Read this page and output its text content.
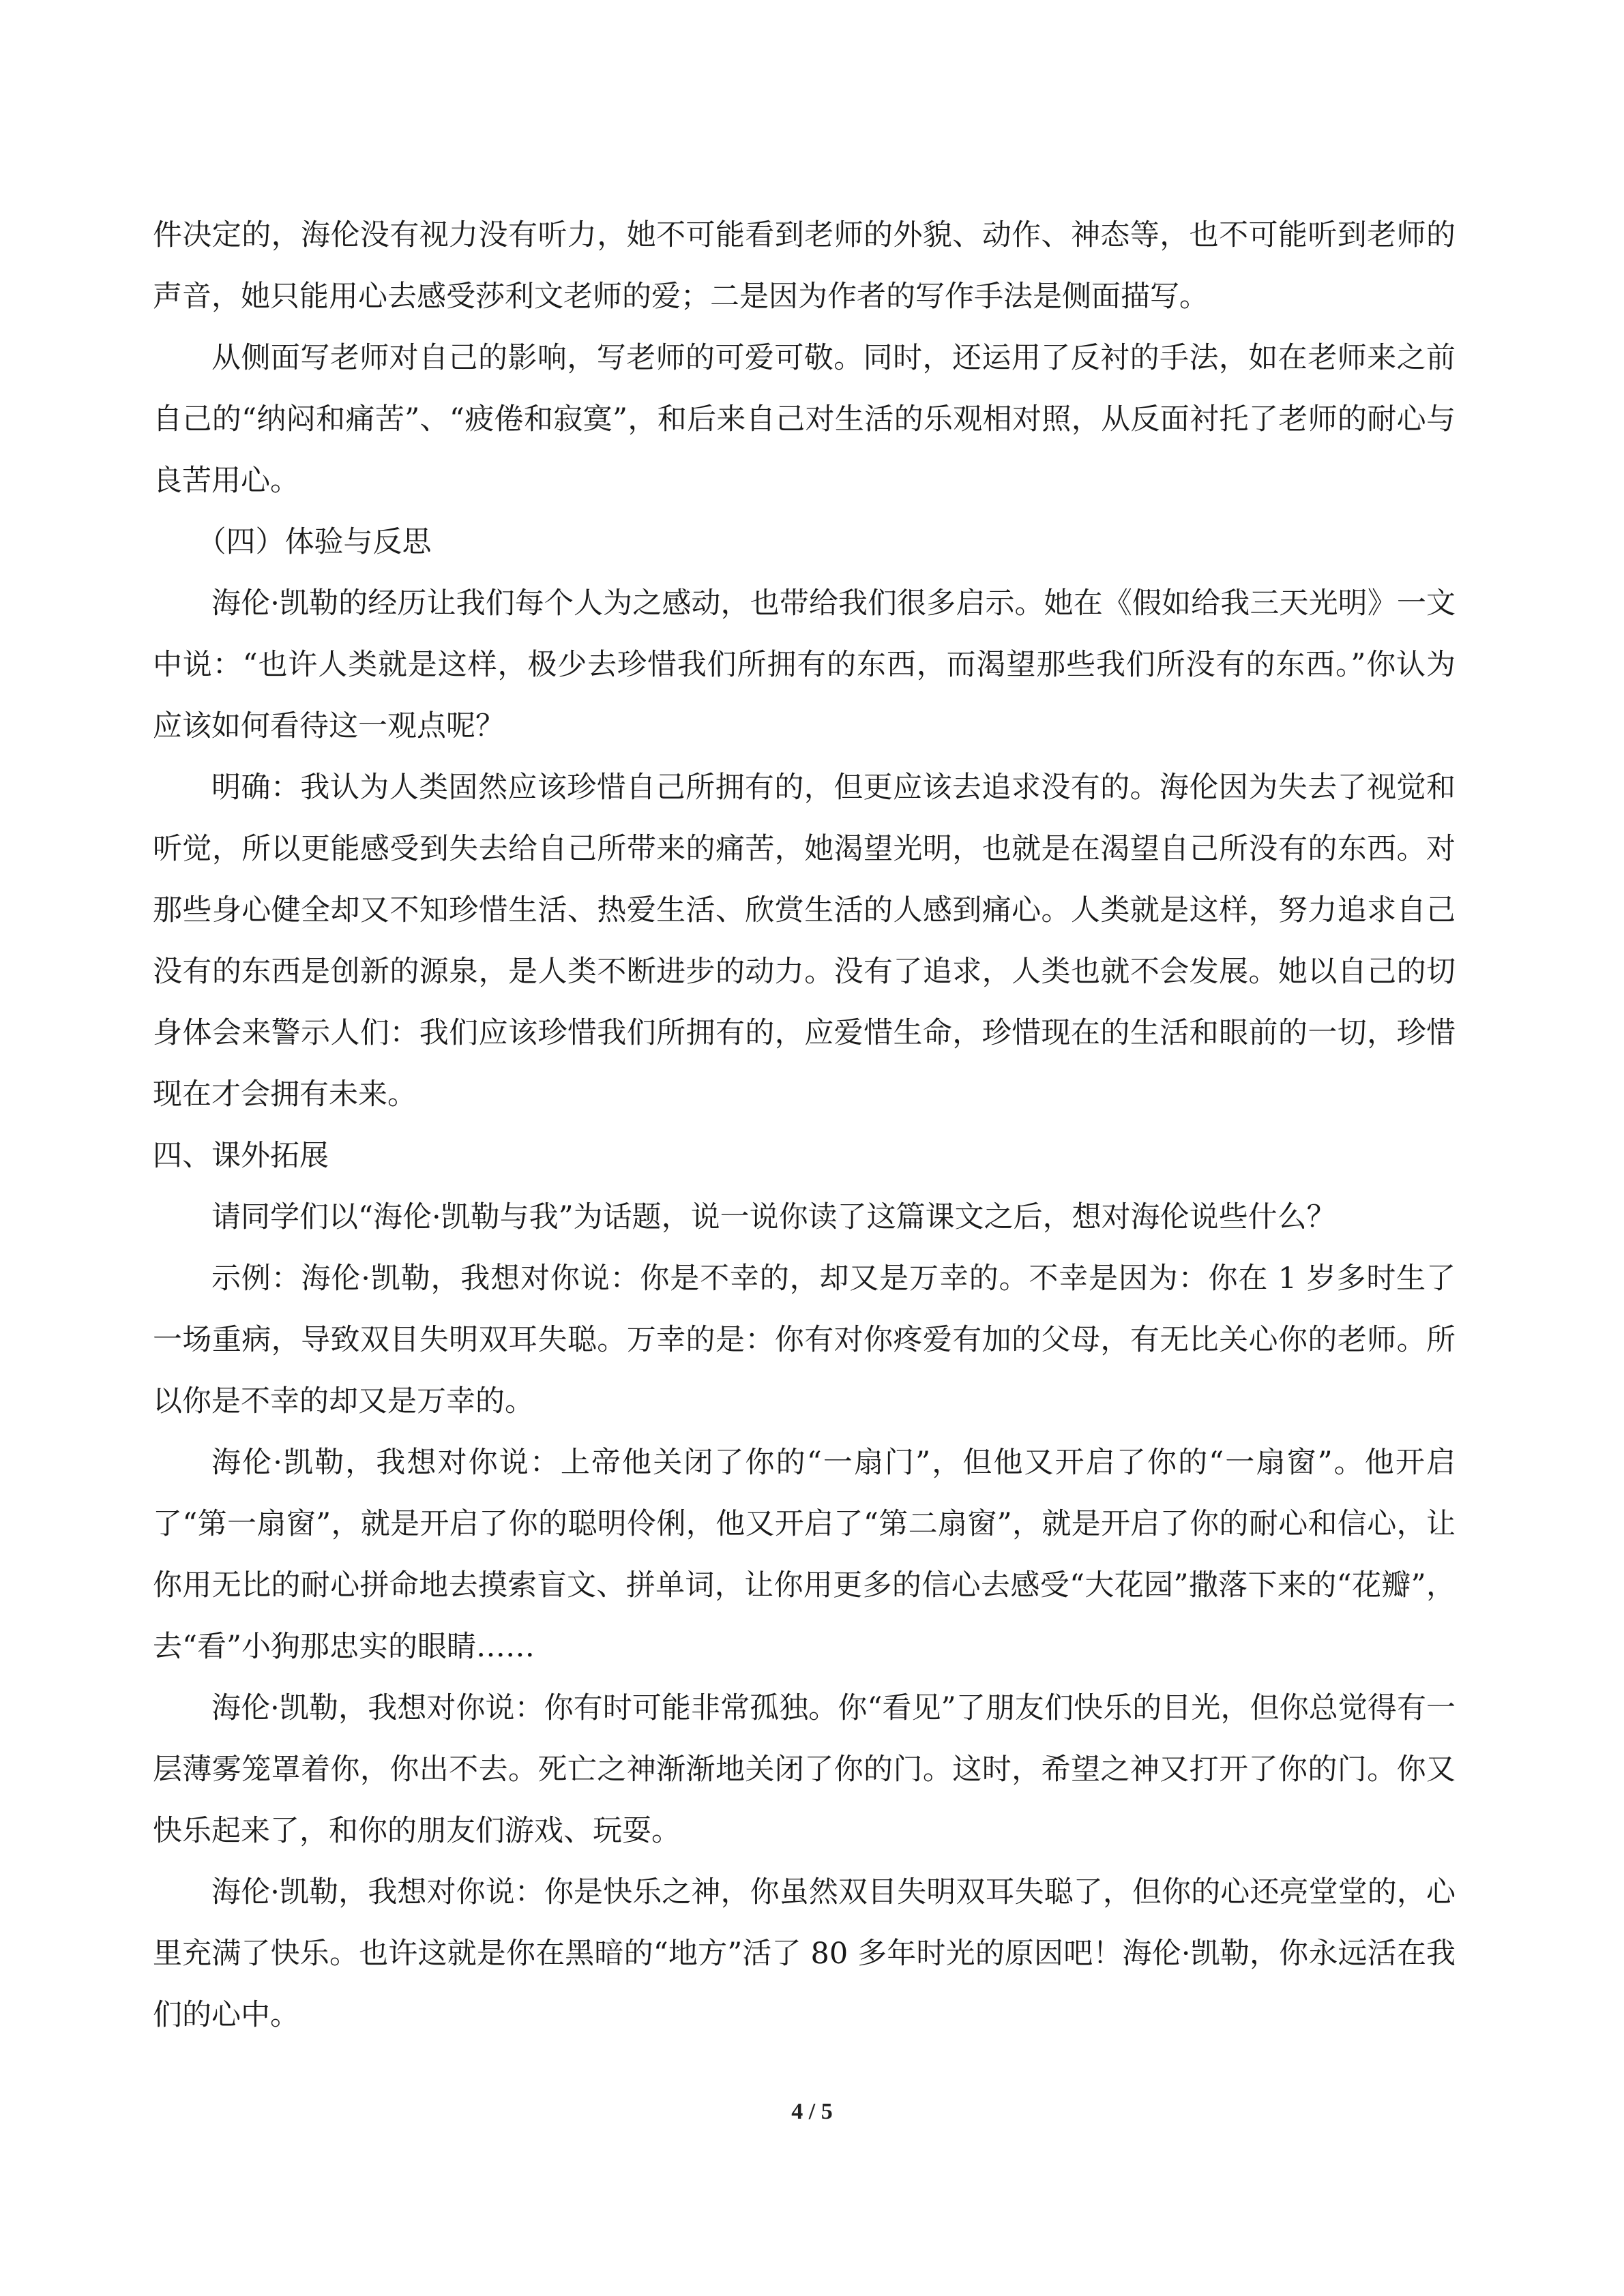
件决定的，海伦没有视力没有听力，她不可能看到老师的外貌、动作、神态等，也不可能听到老师的声音，她只能用心去感受莎利文老师的爱；二是因为作者的写作手法是侧面描写。

从侧面写老师对自己的影响，写老师的可爱可敬。同时，还运用了反衬的手法，如在老师来之前自己的“纳闷和痛苦”、“疲倦和寂寞”，和后来自己对生活的乐观相对照，从反面衬托了老师的耐心与良苦用心。

（四）体验与反思

海伦·凯勒的经历让我们每个人为之感动，也带给我们很多启示。她在《假如给我三天光明》一文中说：“也许人类就是这样，极少去珍惜我们所拥有的东西，而渴望那些我们所没有的东西。”你认为应该如何看待这一观点呢？

明确：我认为人类固然应该珍惜自己所拥有的，但更应该去追求没有的。海伦因为失去了视觉和听觉，所以更能感受到失去给自己所带来的痛苦，她渴望光明，也就是在渴望自己所没有的东西。对那些身心健全却又不知珍惜生活、热爱生活、欣赏生活的人感到痛心。人类就是这样，努力追求自己没有的东西是创新的源泉，是人类不断进步的动力。没有了追求，人类也就不会发展。她以自己的切身体会来警示人们：我们应该珍惜我们所拥有的，应爱惜生命，珍惜现在的生活和眼前的一切，珍惜现在才会拥有未来。

四、课外拓展

请同学们以“海伦·凯勒与我”为话题，说一说你读了这篇课文之后，想对海伦说些什么？

示例：海伦·凯勒，我想对你说：你是不幸的，却又是万幸的。不幸是因为：你在 1 岁多时生了一场重病，导致双目失明双耳失聪。万幸的是：你有对你疼爱有加的父母，有无比关心你的老师。所以你是不幸的却又是万幸的。

海伦·凯勒，我想对你说：上帝他关闭了你的“一扇门”，但他又开启了你的“一扇窗”。他开启了“第一扇窗”，就是开启了你的聪明伶俐，他又开启了“第二扇窗”，就是开启了你的耐心和信心，让你用无比的耐心拼命地去摸索盲文、拼单词，让你用更多的信心去感受“大花园”撒落下来的“花瓣”，去“看”小狗那忠实的眼睛……

海伦·凯勒，我想对你说：你有时可能非常孤独。你“看见”了朋友们快乐的目光，但你总觉得有一层薄雾笼罩着你，你出不去。死亡之神渐渐地关闭了你的门。这时，希望之神又打开了你的门。你又快乐起来了，和你的朋友们游戏、玩耍。

海伦·凯勒，我想对你说：你是快乐之神，你虽然双目失明双耳失聪了，但你的心还亮堂堂的，心里充满了快乐。也许这就是你在黑暗的“地方”活了 80 多年时光的原因吧！海伦·凯勒，你永远活在我们的心中。

4 / 5
